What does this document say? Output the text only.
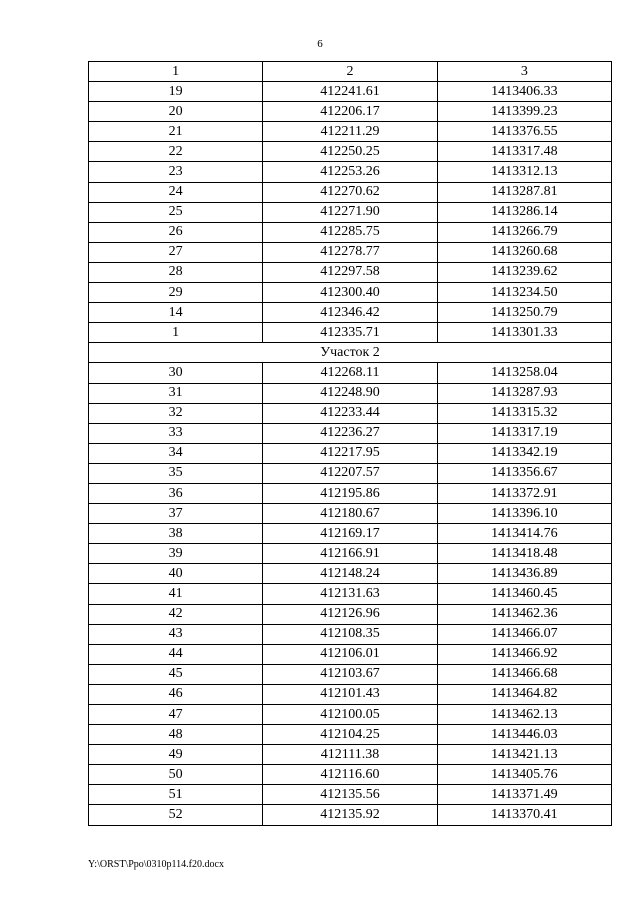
6
1	2	3
19	412241.61	1413406.33
20	412206.17	1413399.23
21	412211.29	1413376.55
22	412250.25	1413317.48
23	412253.26	1413312.13
24	412270.62	1413287.81
25	412271.90	1413286.14
26	412285.75	1413266.79
27	412278.77	1413260.68
28	412297.58	1413239.62
29	412300.40	1413234.50
14	412346.42	1413250.79
1	412335.71	1413301.33
Участок 2		
30	412268.11	1413258.04
31	412248.90	1413287.93
32	412233.44	1413315.32
33	412236.27	1413317.19
34	412217.95	1413342.19
35	412207.57	1413356.67
36	412195.86	1413372.91
37	412180.67	1413396.10
38	412169.17	1413414.76
39	412166.91	1413418.48
40	412148.24	1413436.89
41	412131.63	1413460.45
42	412126.96	1413462.36
43	412108.35	1413466.07
44	412106.01	1413466.92
45	412103.67	1413466.68
46	412101.43	1413464.82
47	412100.05	1413462.13
48	412104.25	1413446.03
49	412111.38	1413421.13
50	412116.60	1413405.76
51	412135.56	1413371.49
52	412135.92	1413370.41
Y:\ORST\Ppo\0310p114.f20.docx
